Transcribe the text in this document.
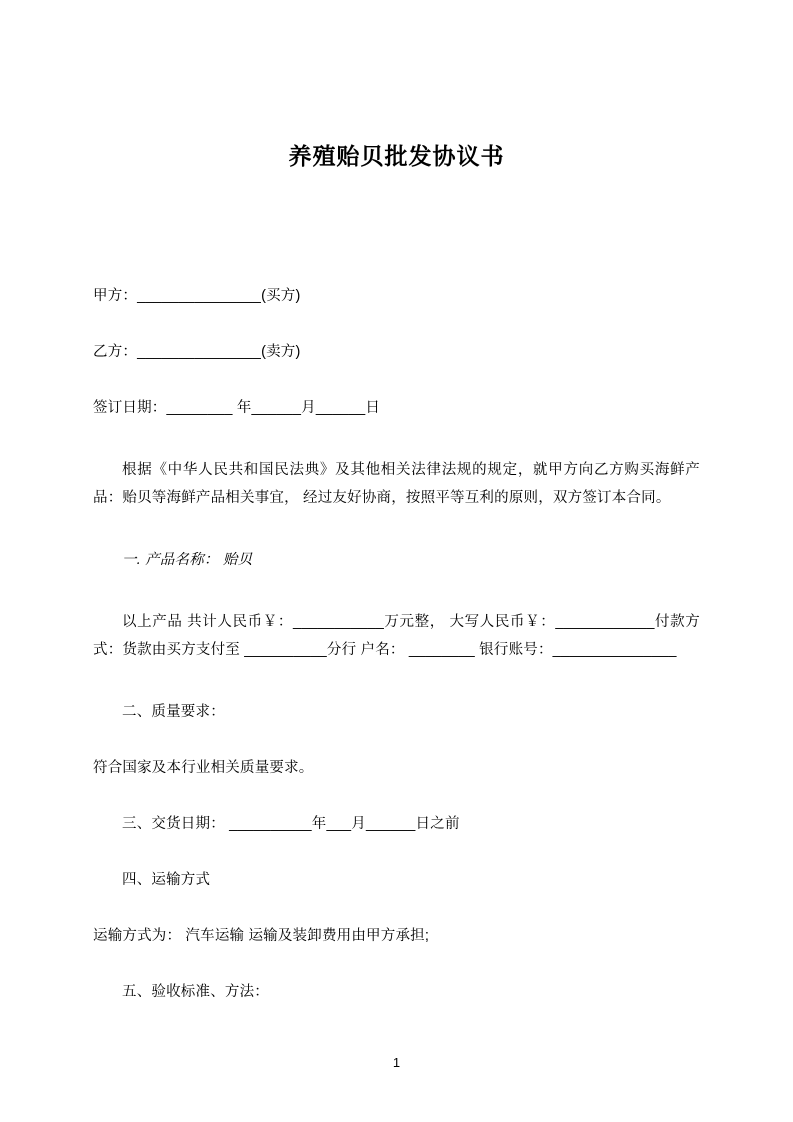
养殖贻贝批发协议书

甲方：_______________(买方)

乙方：_______________(卖方)

签订日期：________ 年______月______日

根据《中华人民共和国民法典》及其他相关法律法规的规定，就甲方向乙方购买海鲜产品：贻贝等海鲜产品相关事宜， 经过友好协商，按照平等互利的原则，双方签订本合同。

一. 产品名称： 贻贝

以上产品 共计人民币￥：___________万元整， 大写人民币￥：____________付款方式：货款由买方支付至 __________分行 户名： ________ 银行账号：_______________

二、质量要求：

符合国家及本行业相关质量要求。

三、交货日期： __________年___月______日之前

四、运输方式

运输方式为： 汽车运输 运输及装卸费用由甲方承担;

五、验收标准、方法：

1
